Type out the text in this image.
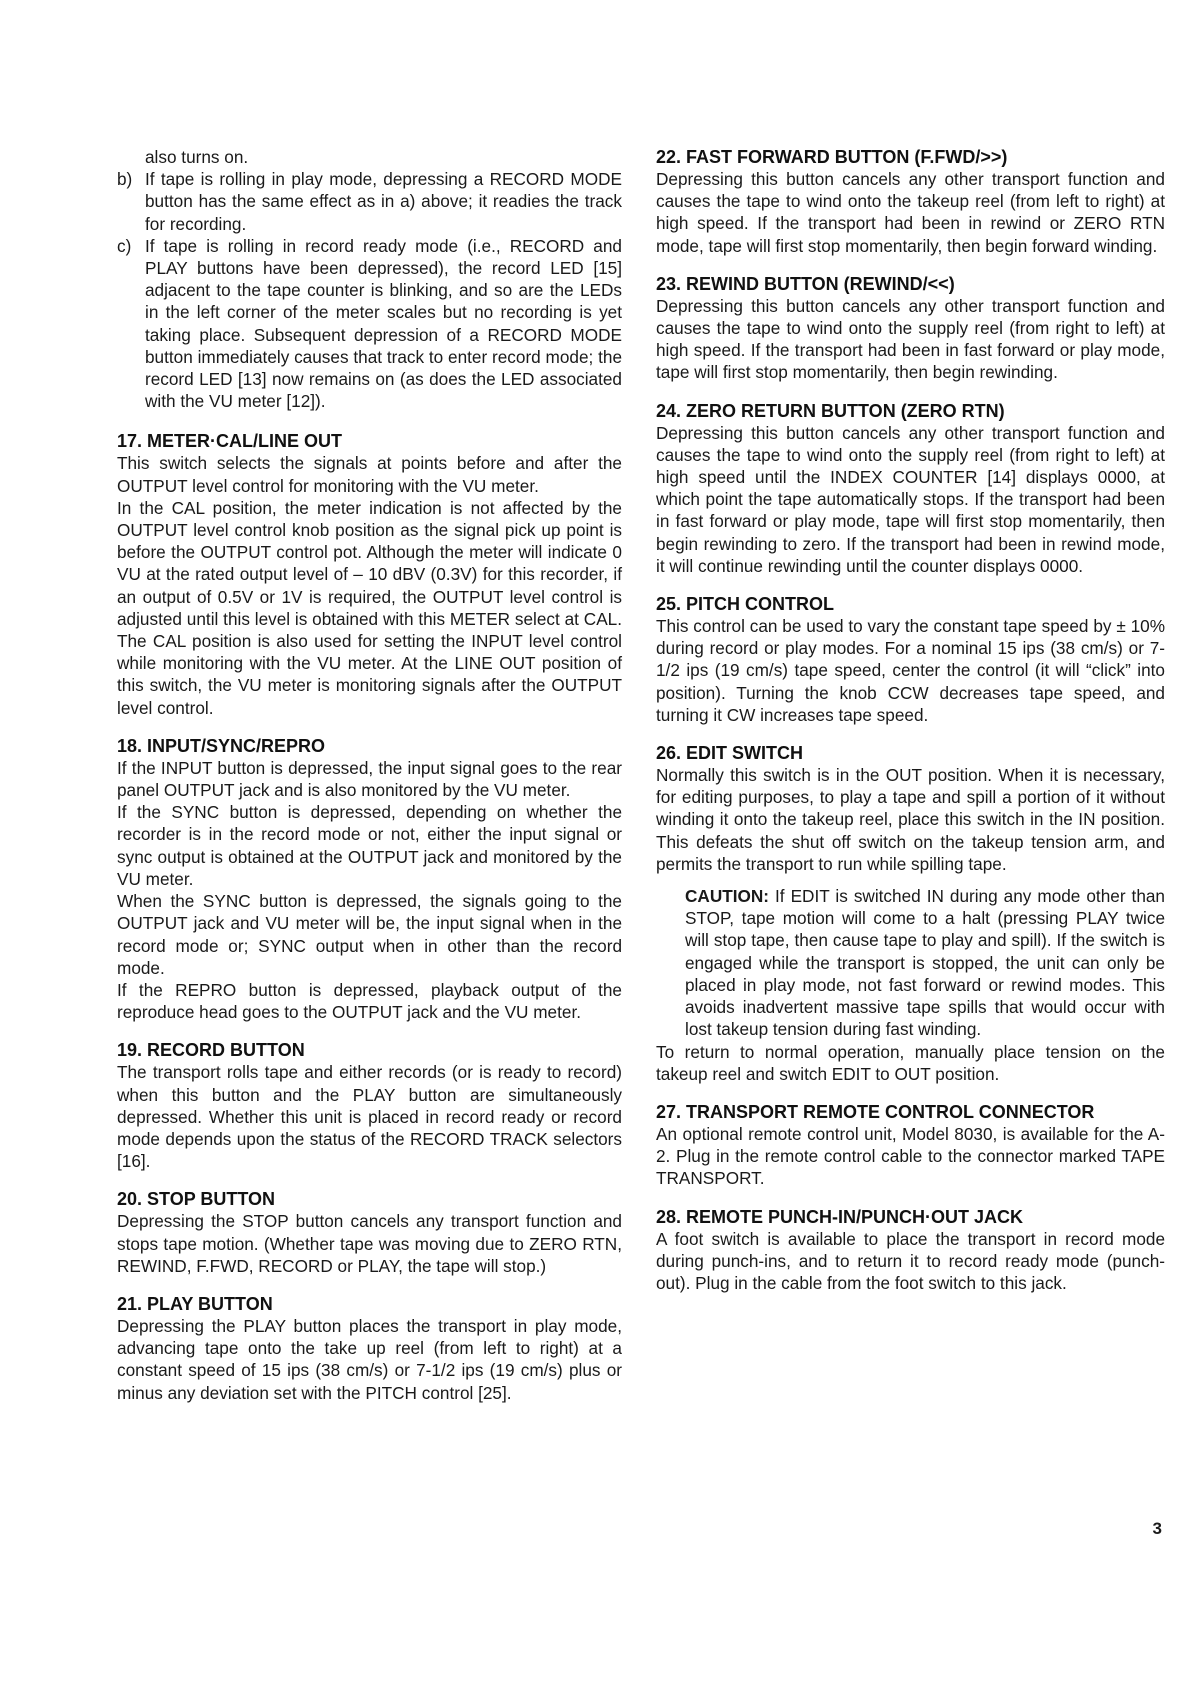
also turns on.

b) If tape is rolling in play mode, depressing a RECORD MODE button has the same effect as in a) above; it readies the track for recording.

c) If tape is rolling in record ready mode (i.e., RECORD and PLAY buttons have been depressed), the record LED [15] adjacent to the tape counter is blinking, and so are the LEDs in the left corner of the meter scales but no recording is yet taking place. Subsequent depression of a RECORD MODE button immediately causes that track to enter record mode; the record LED [13] now remains on (as does the LED associated with the VU meter [12]).

17. METER·CAL/LINE OUT

This switch selects the signals at points before and after the OUTPUT level control for monitoring with the VU meter.

In the CAL position, the meter indication is not affected by the OUTPUT level control knob position as the signal pick up point is before the OUTPUT control pot. Although the meter will indicate 0 VU at the rated output level of – 10 dBV (0.3V) for this recorder, if an output of 0.5V or 1V is required, the OUTPUT level control is adjusted until this level is obtained with this METER select at CAL. The CAL position is also used for setting the INPUT level control while monitoring with the VU meter. At the LINE OUT position of this switch, the VU meter is monitoring signals after the OUTPUT level control.

18. INPUT/SYNC/REPRO

If the INPUT button is depressed, the input signal goes to the rear panel OUTPUT jack and is also monitored by the VU meter.

If the SYNC button is depressed, depending on whether the recorder is in the record mode or not, either the input signal or sync output is obtained at the OUTPUT jack and monitored by the VU meter.

When the SYNC button is depressed, the signals going to the OUTPUT jack and VU meter will be, the input signal when in the record mode or; SYNC output when in other than the record mode.

If the REPRO button is depressed, playback output of the reproduce head goes to the OUTPUT jack and the VU meter.

19. RECORD BUTTON

The transport rolls tape and either records (or is ready to record) when this button and the PLAY button are simultaneously depressed. Whether this unit is placed in record ready or record mode depends upon the status of the RECORD TRACK selectors [16].

20. STOP BUTTON

Depressing the STOP button cancels any transport function and stops tape motion. (Whether tape was moving due to ZERO RTN, REWIND, F.FWD, RECORD or PLAY, the tape will stop.)

21. PLAY BUTTON

Depressing the PLAY button places the transport in play mode, advancing tape onto the take up reel (from left to right) at a constant speed of 15 ips (38 cm/s) or 7-1/2 ips (19 cm/s) plus or minus any deviation set with the PITCH control [25].

22. FAST FORWARD BUTTON (F.FWD/>>)

Depressing this button cancels any other transport function and causes the tape to wind onto the takeup reel (from left to right) at high speed. If the transport had been in rewind or ZERO RTN mode, tape will first stop momentarily, then begin forward winding.

23. REWIND BUTTON (REWIND/<<)

Depressing this button cancels any other transport function and causes the tape to wind onto the supply reel (from right to left) at high speed. If the transport had been in fast forward or play mode, tape will first stop momentarily, then begin rewinding.

24. ZERO RETURN BUTTON (ZERO RTN)

Depressing this button cancels any other transport function and causes the tape to wind onto the supply reel (from right to left) at high speed until the INDEX COUNTER [14] displays 0000, at which point the tape automatically stops. If the transport had been in fast forward or play mode, tape will first stop momentarily, then begin rewinding to zero. If the transport had been in rewind mode, it will continue rewinding until the counter displays 0000.

25. PITCH CONTROL

This control can be used to vary the constant tape speed by ± 10% during record or play modes. For a nominal 15 ips (38 cm/s) or 7-1/2 ips (19 cm/s) tape speed, center the control (it will “click” into position). Turning the knob CCW decreases tape speed, and turning it CW increases tape speed.

26. EDIT SWITCH

Normally this switch is in the OUT position. When it is necessary, for editing purposes, to play a tape and spill a portion of it without winding it onto the takeup reel, place this switch in the IN position. This defeats the shut off switch on the takeup tension arm, and permits the transport to run while spilling tape.

CAUTION: If EDIT is switched IN during any mode other than STOP, tape motion will come to a halt (pressing PLAY twice will stop tape, then cause tape to play and spill). If the switch is engaged while the transport is stopped, the unit can only be placed in play mode, not fast forward or rewind modes. This avoids inadvertent massive tape spills that would occur with lost takeup tension during fast winding.

To return to normal operation, manually place tension on the takeup reel and switch EDIT to OUT position.

27. TRANSPORT REMOTE CONTROL CONNECTOR

An optional remote control unit, Model 8030, is available for the A-2. Plug in the remote control cable to the connector marked TAPE TRANSPORT.

28. REMOTE PUNCH-IN/PUNCH·OUT JACK

A foot switch is available to place the transport in record mode during punch-ins, and to return it to record ready mode (punch-out). Plug in the cable from the foot switch to this jack.

3
